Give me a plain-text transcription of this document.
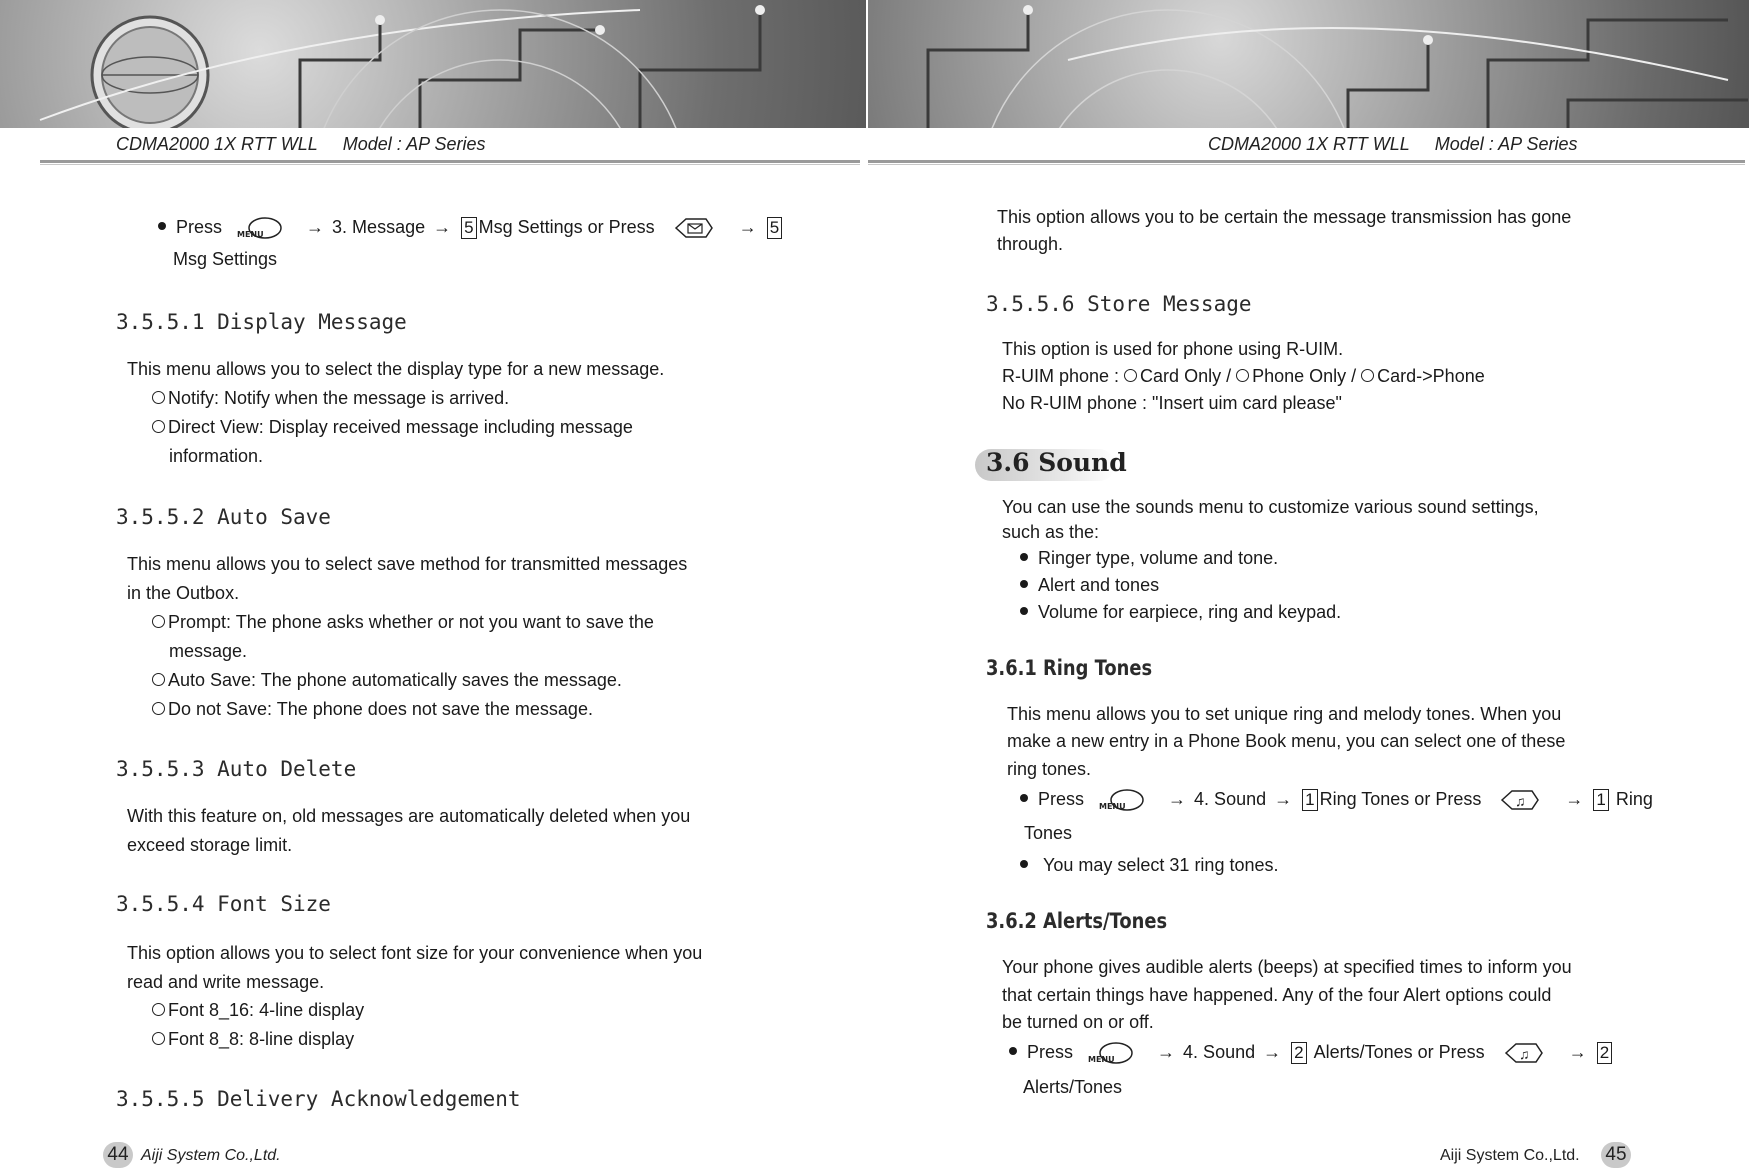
CDMA2000 1X RTT WLL Model : AP Series	CDMA2000 1X RTT WLL Model : AP Series
Press MENU → 3. Message → 5 Msg Settings or Press	→ 5
Msg Settings
3.5.5.1 Display Message
This menu allows you to select the display type for a new message.
Notify: Notify when the message is arrived.
Direct View: Display received message including message
information.
3.5.5.2 Auto Save
This menu allows you to select save method for transmitted messages
in the Outbox.
Prompt: The phone asks whether or not you want to save the
message.
Auto Save: The phone automatically saves the message.
Do not Save: The phone does not save the message.
3.5.5.3 Auto Delete
With this feature on, old messages are automatically deleted when you
exceed storage limit.
3.5.5.4 Font Size
This option allows you to select font size for your convenience when you
read and write message.
Font 8_16: 4-line display
Font 8_8: 8-line display
3.5.5.5 Delivery Acknowledgement
44 Aiji System Co.,Ltd.
This option allows you to be certain the message transmission has gone
through.
3.5.5.6 Store Message
This option is used for phone using R-UIM.
R-UIM phone : Card Only / Phone Only / Card->Phone
No R-UIM phone : "Insert uim card please"
3.6 Sound
You can use the sounds menu to customize various sound settings,
such as the:
Ringer type, volume and tone.
Alert and tones
Volume for earpiece, ring and keypad.
3.6.1 Ring Tones
This menu allows you to set unique ring and melody tones. When you
make a new entry in a Phone Book menu, you can select one of these
ring tones.
Press MENU → 4. Sound → 1 Ring Tones or Press ♫ → 1 Ring
Tones
You may select 31 ring tones.
3.6.2 Alerts/Tones
Your phone gives audible alerts (beeps) at specified times to inform you
that certain things have happened. Any of the four Alert options could
be turned on or off.
Press MENU → 4. Sound → 2 Alerts/Tones or Press ♫ → 2
Alerts/Tones
Aiji System Co.,Ltd. 45
